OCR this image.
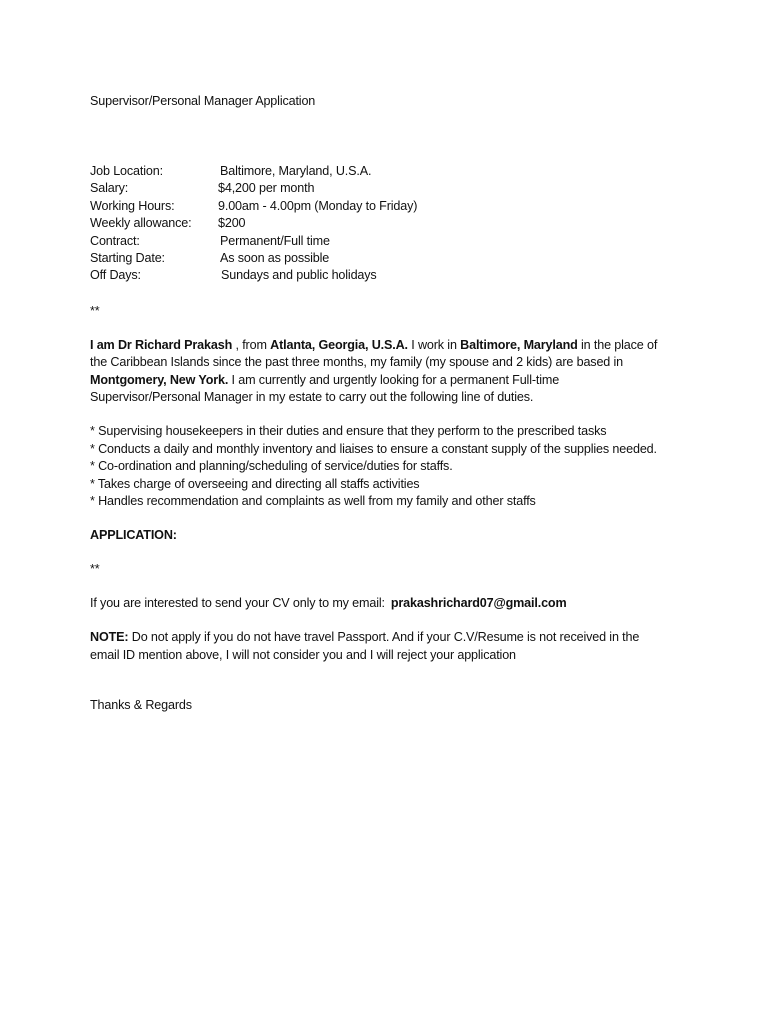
Supervisor/Personal Manager Application
Job Location:	Baltimore, Maryland, U.S.A.
Salary:	$4,200 per month
Working Hours:	9.00am - 4.00pm (Monday to Friday)
Weekly allowance: $200
Contract:	Permanent/Full time
Starting Date:	As soon as possible
Off Days:	Sundays and public holidays
**
I am Dr Richard Prakash , from Atlanta, Georgia, U.S.A. I work in Baltimore, Maryland in the place of the Caribbean Islands since the past three months, my family (my spouse and 2 kids) are based in Montgomery, New York. I am currently and urgently looking for a permanent Full-time Supervisor/Personal Manager in my estate to carry out the following line of duties.
* Supervising housekeepers in their duties and ensure that they perform to the prescribed tasks
* Conducts a daily and monthly inventory and liaises to ensure a constant supply of the supplies needed.
* Co-ordination and planning/scheduling of service/duties for staffs.
* Takes charge of overseeing and directing all staffs activities
* Handles recommendation and complaints as well from my family and other staffs
APPLICATION:
**
If you are interested to send your CV only to my email: prakashrichard07@gmail.com
NOTE: Do not apply if you do not have travel Passport. And if your C.V/Resume is not received in the email ID mention above, I will not consider you and I will reject your application
Thanks & Regards
